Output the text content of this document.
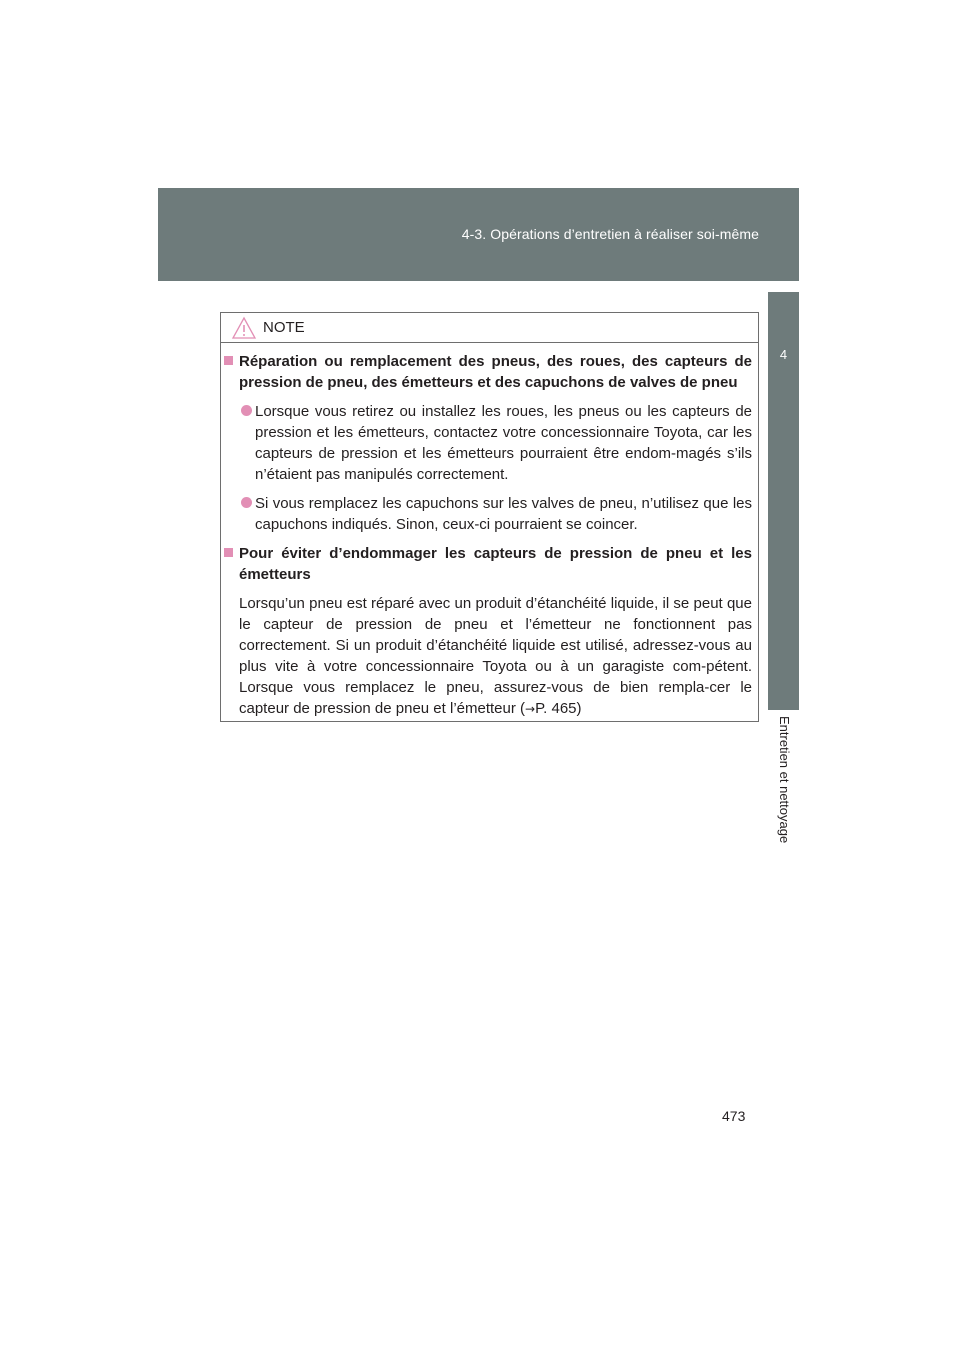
4-3. Opérations d’entretien à réaliser soi-même
4
Entretien et nettoyage
NOTE
Réparation ou remplacement des pneus, des roues, des capteurs de pression de pneu, des émetteurs et des capuchons de valves de pneu
Lorsque vous retirez ou installez les roues, les pneus ou les capteurs de pression et les émetteurs, contactez votre concessionnaire Toyota, car les capteurs de pression et les émetteurs pourraient être endom-magés s’ils n’étaient pas manipulés correctement.
Si vous remplacez les capuchons sur les valves de pneu, n’utilisez que les capuchons indiqués. Sinon, ceux-ci pourraient se coincer.
Pour éviter d’endommager les capteurs de pression de pneu et les émetteurs
Lorsqu’un pneu est réparé avec un produit d’étanchéité liquide, il se peut que le capteur de pression de pneu et l’émetteur ne fonctionnent pas correctement. Si un produit d’étanchéité liquide est utilisé, adressez-vous au plus vite à votre concessionnaire Toyota ou à un garagiste com-pétent. Lorsque vous remplacez le pneu, assurez-vous de bien rempla-cer le capteur de pression de pneu et l’émetteur (→P. 465)
473
